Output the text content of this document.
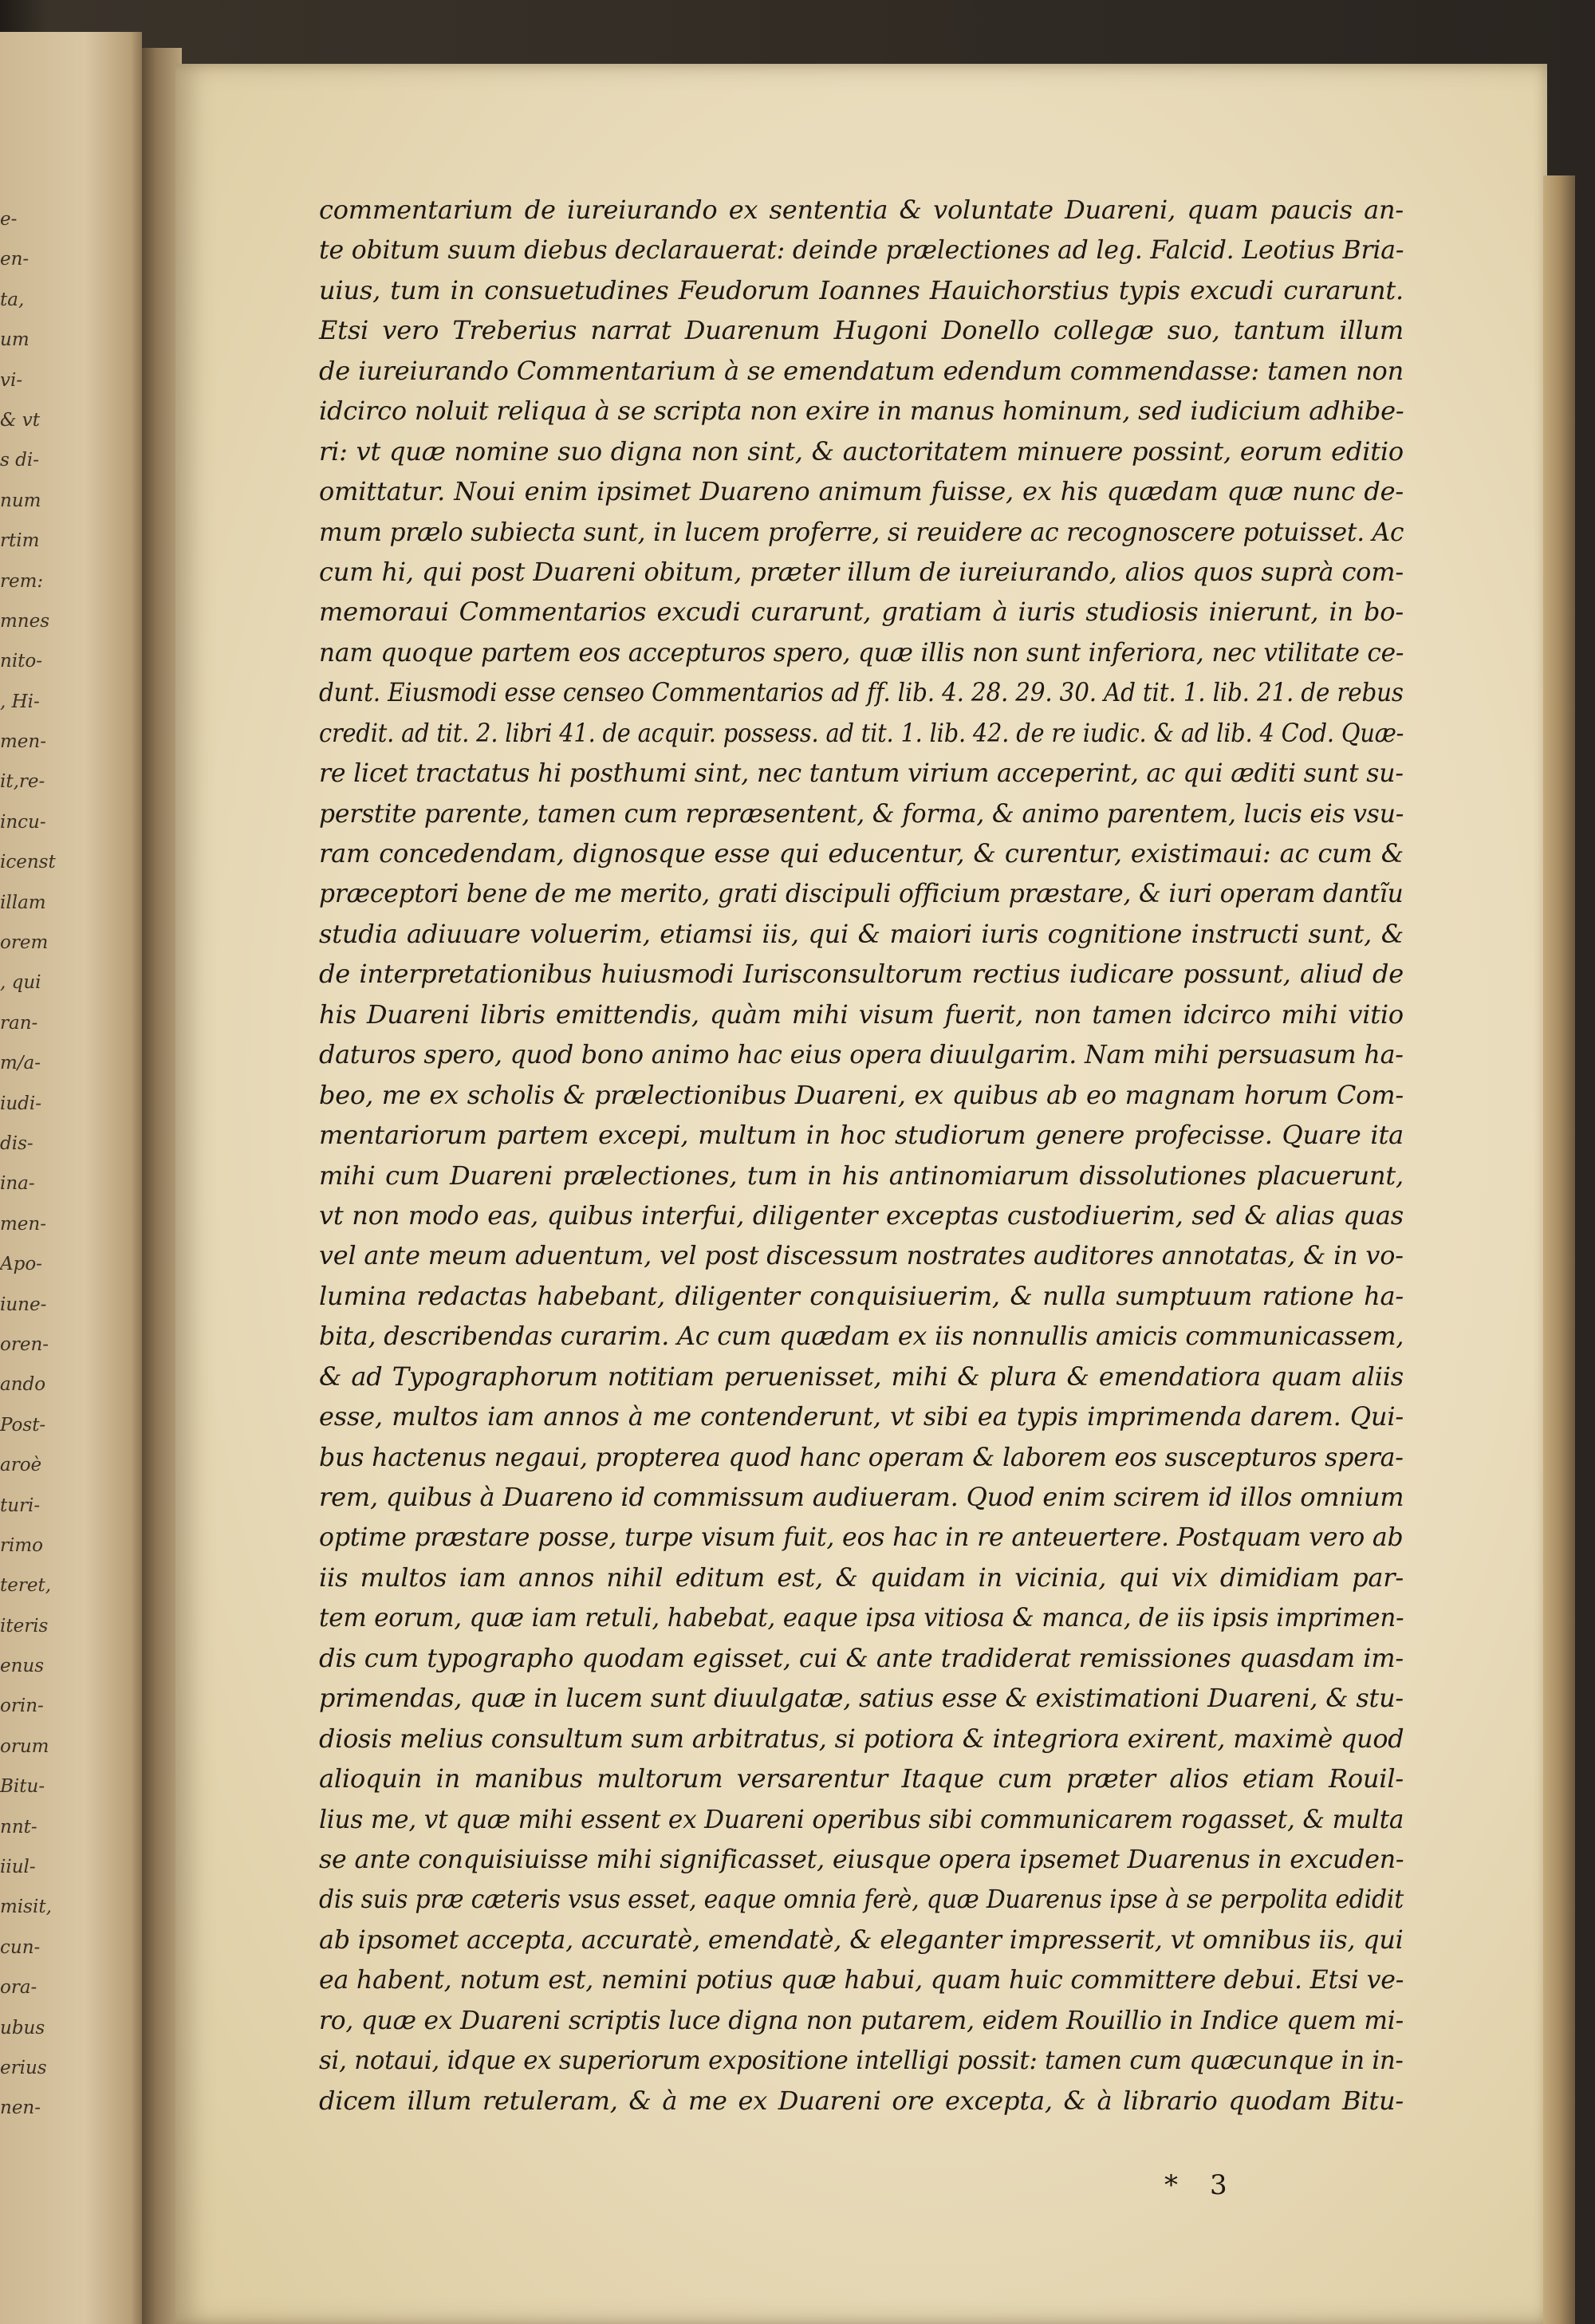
e-
en-
ta,
um
vi-
& vt
s di-
num
rtim
rem:
mnes
nito-
, Hi-
men-
it,re-
incu-
icenst
illam
orem
, qui
ran-
m/a-
iudi-
dis-
ina-
men-
Apo-
iune-
oren-
ando
Post-
aroè
turi-
rimo
teret,
iteris
enus
orin-
orum
Bitu-
nnt-
iiul-
misit,
cun-
ora-
ubus
erius
nen-
commentarium de iureiurando ex sententia & voluntate Duareni, quam paucis an-
te obitum suum diebus declarauerat: deinde prælectiones ad leg. Falcid. Leotius Bria-
uius, tum in consuetudines Feudorum Ioannes Hauichorstius typis excudi curarunt.
Etsi vero Treberius narrat Duarenum Hugoni Donello collegæ suo, tantum illum
de iureiurando Commentarium à se emendatum edendum commendasse: tamen non
idcirco noluit reliqua à se scripta non exire in manus hominum, sed iudicium adhibe-
ri: vt quæ nomine suo digna non sint, & auctoritatem minuere possint, eorum editio
omittatur. Noui enim ipsimet Duareno animum fuisse, ex his quædam quæ nunc de-
mum prælo subiecta sunt, in lucem proferre, si reuidere ac recognoscere potuisset. Ac
cum hi, qui post Duareni obitum, præter illum de iureiurando, alios quos suprà com-
memoraui Commentarios excudi curarunt, gratiam à iuris studiosis inierunt, in bo-
nam quoque partem eos accepturos spero, quæ illis non sunt inferiora, nec vtilitate ce-
dunt. Eiusmodi esse censeo Commentarios ad ff. lib. 4. 28. 29. 30. Ad tit. 1. lib. 21. de rebus
credit. ad tit. 2. libri 41. de acquir. possess. ad tit. 1. lib. 42. de re iudic. & ad lib. 4 Cod. Quæ-
re licet tractatus hi posthumi sint, nec tantum virium acceperint, ac qui æditi sunt su-
perstite parente, tamen cum repræsentent, & forma, & animo parentem, lucis eis vsu-
ram concedendam, dignosque esse qui educentur, & curentur, existimaui: ac cum &
præceptori bene de me merito, grati discipuli officium præstare, & iuri operam dantĩu
studia adiuuare voluerim, etiamsi iis, qui & maiori iuris cognitione instructi sunt, &
de interpretationibus huiusmodi Iurisconsultorum rectius iudicare possunt, aliud de
his Duareni libris emittendis, quàm mihi visum fuerit, non tamen idcirco mihi vitio
daturos spero, quod bono animo hac eius opera diuulgarim. Nam mihi persuasum ha-
beo, me ex scholis & prælectionibus Duareni, ex quibus ab eo magnam horum Com-
mentariorum partem excepi, multum in hoc studiorum genere profecisse. Quare ita
mihi cum Duareni prælectiones, tum in his antinomiarum dissolutiones placuerunt,
vt non modo eas, quibus interfui, diligenter exceptas custodiuerim, sed & alias quas
vel ante meum aduentum, vel post discessum nostrates auditores annotatas, & in vo-
lumina redactas habebant, diligenter conquisiuerim, & nulla sumptuum ratione ha-
bita, describendas curarim. Ac cum quædam ex iis nonnullis amicis communicassem,
& ad Typographorum notitiam peruenisset, mihi & plura & emendatiora quam aliis
esse, multos iam annos à me contenderunt, vt sibi ea typis imprimenda darem. Qui-
bus hactenus negaui, propterea quod hanc operam & laborem eos suscepturos spera-
rem, quibus à Duareno id commissum audiueram. Quod enim scirem id illos omnium
optime præstare posse, turpe visum fuit, eos hac in re anteuertere. Postquam vero ab
iis multos iam annos nihil editum est, & quidam in vicinia, qui vix dimidiam par-
tem eorum, quæ iam retuli, habebat, eaque ipsa vitiosa & manca, de iis ipsis imprimen-
dis cum typographo quodam egisset, cui & ante tradiderat remissiones quasdam im-
primendas, quæ in lucem sunt diuulgatæ, satius esse & existimationi Duareni, & stu-
diosis melius consultum sum arbitratus, si potiora & integriora exirent, maximè quod
alioquin in manibus multorum versarentur Itaque cum præter alios etiam Rouil-
lius me, vt quæ mihi essent ex Duareni operibus sibi communicarem rogasset, & multa
se ante conquisiuisse mihi significasset, eiusque opera ipsemet Duarenus in excuden-
dis suis præ cæteris vsus esset, eaque omnia ferè, quæ Duarenus ipse à se perpolita edidit
ab ipsomet accepta, accuratè, emendatè, & eleganter impresserit, vt omnibus iis, qui
ea habent, notum est, nemini potius quæ habui, quam huic committere debui. Etsi ve-
ro, quæ ex Duareni scriptis luce digna non putarem, eidem Rouillio in Indice quem mi-
si, notaui, idque ex superiorum expositione intelligi possit: tamen cum quæcunque in in-
dicem illum retuleram, & à me ex Duareni ore excepta, & à librario quodam Bitu-
* 3
